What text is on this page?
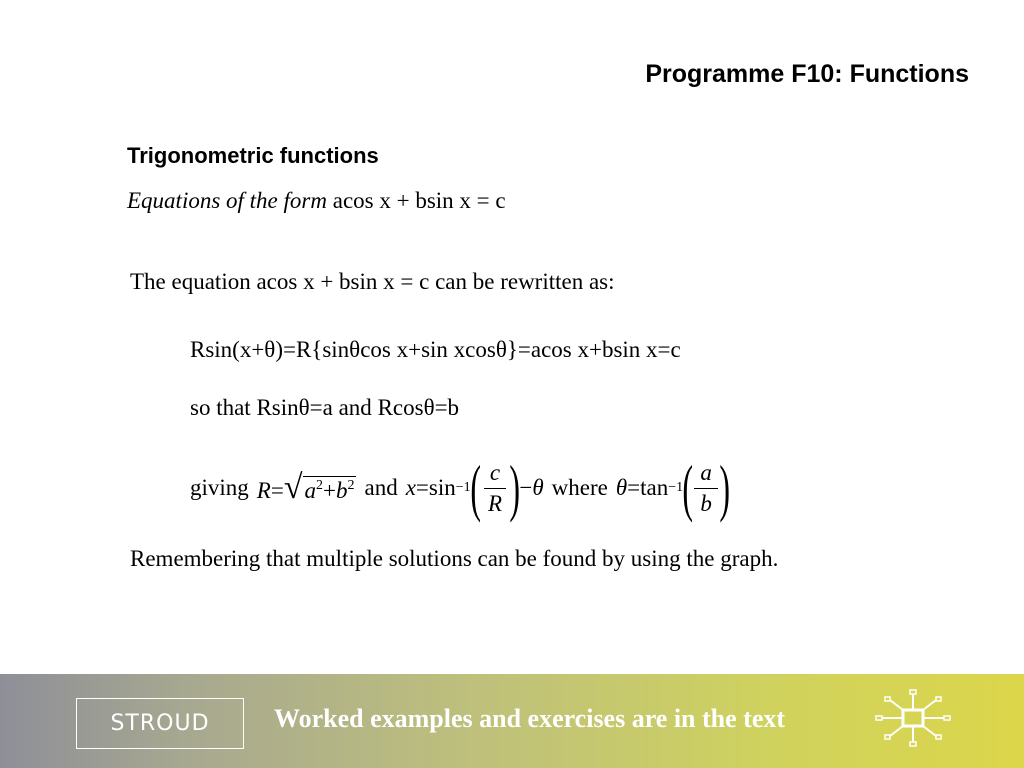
Programme F10: Functions
Trigonometric functions
Equations of the form acos x + bsin x = c
The equation acos x + bsin x = c can be rewritten as:
Rsin(x+θ)=R{sinθcos x+sin xcosθ}=acos x+bsin x=c
so that Rsinθ=a and Rcosθ=b
giving R= √ $a^2+b^2$ and x =sin −1 ( $\frac{c}{R}$ ) − θ where θ =tan −1 ( $\frac{a}{b}$ )
Remembering that multiple solutions can be found by using the graph.
STROUD	Worked examples and exercises are in the text
